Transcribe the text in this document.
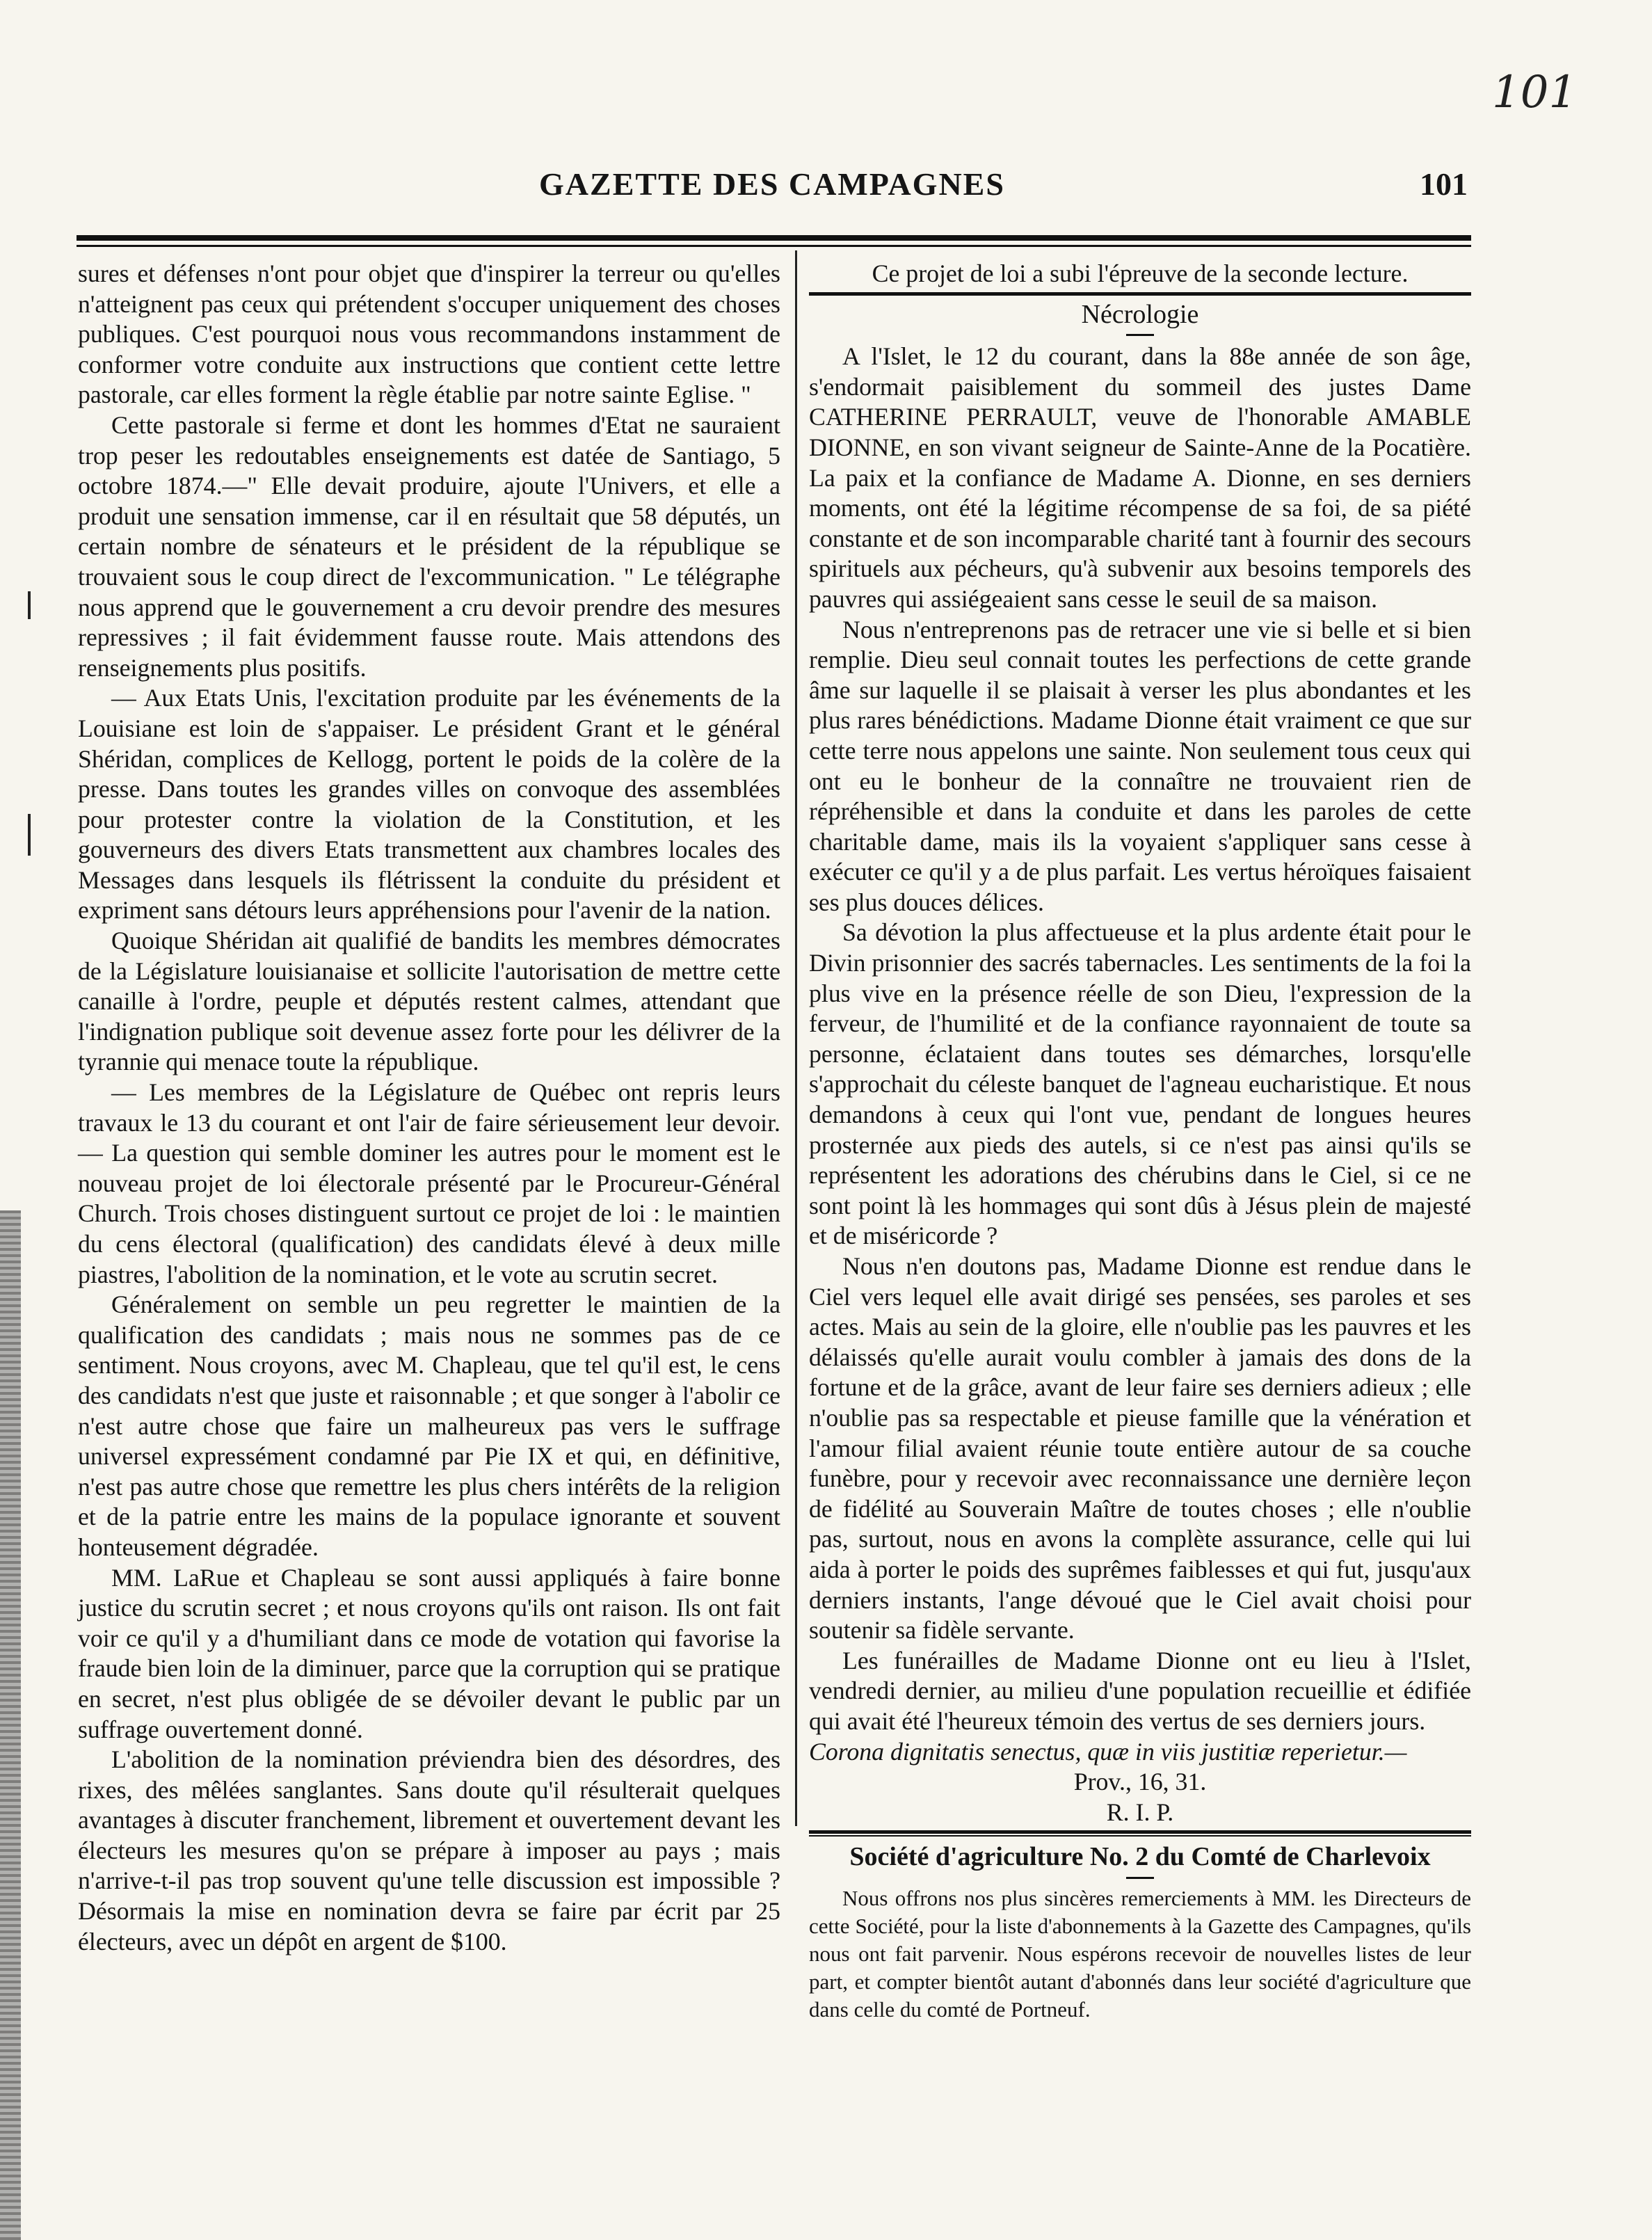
101
GAZETTE DES CAMPAGNES	101

sures et défenses n'ont pour objet que d'inspirer la terreur ou qu'elles n'atteignent pas ceux qui prétendent s'occuper uniquement des choses publiques. C'est pourquoi nous vous recommandons instamment de conformer votre conduite aux instructions que contient cette lettre pastorale, car elles forment la règle établie par notre sainte Eglise. "

Cette pastorale si ferme et dont les hommes d'Etat ne sauraient trop peser les redoutables enseignements est datée de Santiago, 5 octobre 1874.—" Elle devait produire, ajoute l'Univers, et elle a produit une sensation immense, car il en résultait que 58 députés, un certain nombre de sénateurs et le président de la république se trouvaient sous le coup direct de l'excommunication. " Le télégraphe nous apprend que le gouvernement a cru devoir prendre des mesures repressives ; il fait évidemment fausse route. Mais attendons des renseignements plus positifs.

— Aux Etats Unis, l'excitation produite par les événements de la Louisiane est loin de s'appaiser. Le président Grant et le général Shéridan, complices de Kellogg, portent le poids de la colère de la presse. Dans toutes les grandes villes on convoque des assemblées pour protester contre la violation de la Constitution, et les gouverneurs des divers Etats transmettent aux chambres locales des Messages dans lesquels ils flétrissent la conduite du président et expriment sans détours leurs appréhensions pour l'avenir de la nation.

Quoique Shéridan ait qualifié de bandits les membres démocrates de la Législature louisianaise et sollicite l'autorisation de mettre cette canaille à l'ordre, peuple et députés restent calmes, attendant que l'indignation publique soit devenue assez forte pour les délivrer de la tyrannie qui menace toute la république.

— Les membres de la Législature de Québec ont repris leurs travaux le 13 du courant et ont l'air de faire sérieusement leur devoir.— La question qui semble dominer les autres pour le moment est le nouveau projet de loi électorale présenté par le Procureur-Général Church. Trois choses distinguent surtout ce projet de loi : le maintien du cens électoral (qualification) des candidats élevé à deux mille piastres, l'abolition de la nomination, et le vote au scrutin secret.

Généralement on semble un peu regretter le maintien de la qualification des candidats ; mais nous ne sommes pas de ce sentiment. Nous croyons, avec M. Chapleau, que tel qu'il est, le cens des candidats n'est que juste et raisonnable ; et que songer à l'abolir ce n'est autre chose que faire un malheureux pas vers le suffrage universel expressément condamné par Pie IX et qui, en définitive, n'est pas autre chose que remettre les plus chers intérêts de la religion et de la patrie entre les mains de la populace ignorante et souvent honteusement dégradée.

MM. LaRue et Chapleau se sont aussi appliqués à faire bonne justice du scrutin secret ; et nous croyons qu'ils ont raison. Ils ont fait voir ce qu'il y a d'humiliant dans ce mode de votation qui favorise la fraude bien loin de la diminuer, parce que la corruption qui se pratique en secret, n'est plus obligée de se dévoiler devant le public par un suffrage ouvertement donné.

L'abolition de la nomination préviendra bien des désordres, des rixes, des mêlées sanglantes. Sans doute qu'il résulterait quelques avantages à discuter franchement, librement et ouvertement devant les électeurs les mesures qu'on se prépare à imposer au pays ; mais n'arrive-t-il pas trop souvent qu'une telle discussion est impossible ? Désormais la mise en nomination devra se faire par écrit par 25 électeurs, avec un dépôt en argent de $100.

Ce projet de loi a subi l'épreuve de la seconde lecture.

Nécrologie

A l'Islet, le 12 du courant, dans la 88e année de son âge, s'endormait paisiblement du sommeil des justes Dame CATHERINE PERRAULT, veuve de l'honorable AMABLE DIONNE, en son vivant seigneur de Sainte-Anne de la Pocatière. La paix et la confiance de Madame A. Dionne, en ses derniers moments, ont été la légitime récompense de sa foi, de sa piété constante et de son incomparable charité tant à fournir des secours spirituels aux pécheurs, qu'à subvenir aux besoins temporels des pauvres qui assiégeaient sans cesse le seuil de sa maison.

Nous n'entreprenons pas de retracer une vie si belle et si bien remplie. Dieu seul connait toutes les perfections de cette grande âme sur laquelle il se plaisait à verser les plus abondantes et les plus rares bénédictions. Madame Dionne était vraiment ce que sur cette terre nous appelons une sainte. Non seulement tous ceux qui ont eu le bonheur de la connaître ne trouvaient rien de répréhensible et dans la conduite et dans les paroles de cette charitable dame, mais ils la voyaient s'appliquer sans cesse à exécuter ce qu'il y a de plus parfait. Les vertus héroïques faisaient ses plus douces délices.

Sa dévotion la plus affectueuse et la plus ardente était pour le Divin prisonnier des sacrés tabernacles. Les sentiments de la foi la plus vive en la présence réelle de son Dieu, l'expression de la ferveur, de l'humilité et de la confiance rayonnaient de toute sa personne, éclataient dans toutes ses démarches, lorsqu'elle s'approchait du céleste banquet de l'agneau eucharistique. Et nous demandons à ceux qui l'ont vue, pendant de longues heures prosternée aux pieds des autels, si ce n'est pas ainsi qu'ils se représentent les adorations des chérubins dans le Ciel, si ce ne sont point là les hommages qui sont dûs à Jésus plein de majesté et de miséricorde ?

Nous n'en doutons pas, Madame Dionne est rendue dans le Ciel vers lequel elle avait dirigé ses pensées, ses paroles et ses actes. Mais au sein de la gloire, elle n'oublie pas les pauvres et les délaissés qu'elle aurait voulu combler à jamais des dons de la fortune et de la grâce, avant de leur faire ses derniers adieux ; elle n'oublie pas sa respectable et pieuse famille que la vénération et l'amour filial avaient réunie toute entière autour de sa couche funèbre, pour y recevoir avec reconnaissance une dernière leçon de fidélité au Souverain Maître de toutes choses ; elle n'oublie pas, surtout, nous en avons la complète assurance, celle qui lui aida à porter le poids des suprêmes faiblesses et qui fut, jusqu'aux derniers instants, l'ange dévoué que le Ciel avait choisi pour soutenir sa fidèle servante.

Les funérailles de Madame Dionne ont eu lieu à l'Islet, vendredi dernier, au milieu d'une population recueillie et édifiée qui avait été l'heureux témoin des vertus de ses derniers jours.

Corona dignitatis senectus, quæ in viis justitiæ reperietur.—

Prov., 16, 31.

R. I. P.

Société d'agriculture No. 2 du Comté de Charlevoix

Nous offrons nos plus sincères remerciements à MM. les Directeurs de cette Société, pour la liste d'abonnements à la Gazette des Campagnes, qu'ils nous ont fait parvenir. Nous espérons recevoir de nouvelles listes de leur part, et compter bientôt autant d'abonnés dans leur société d'agriculture que dans celle du comté de Portneuf.
